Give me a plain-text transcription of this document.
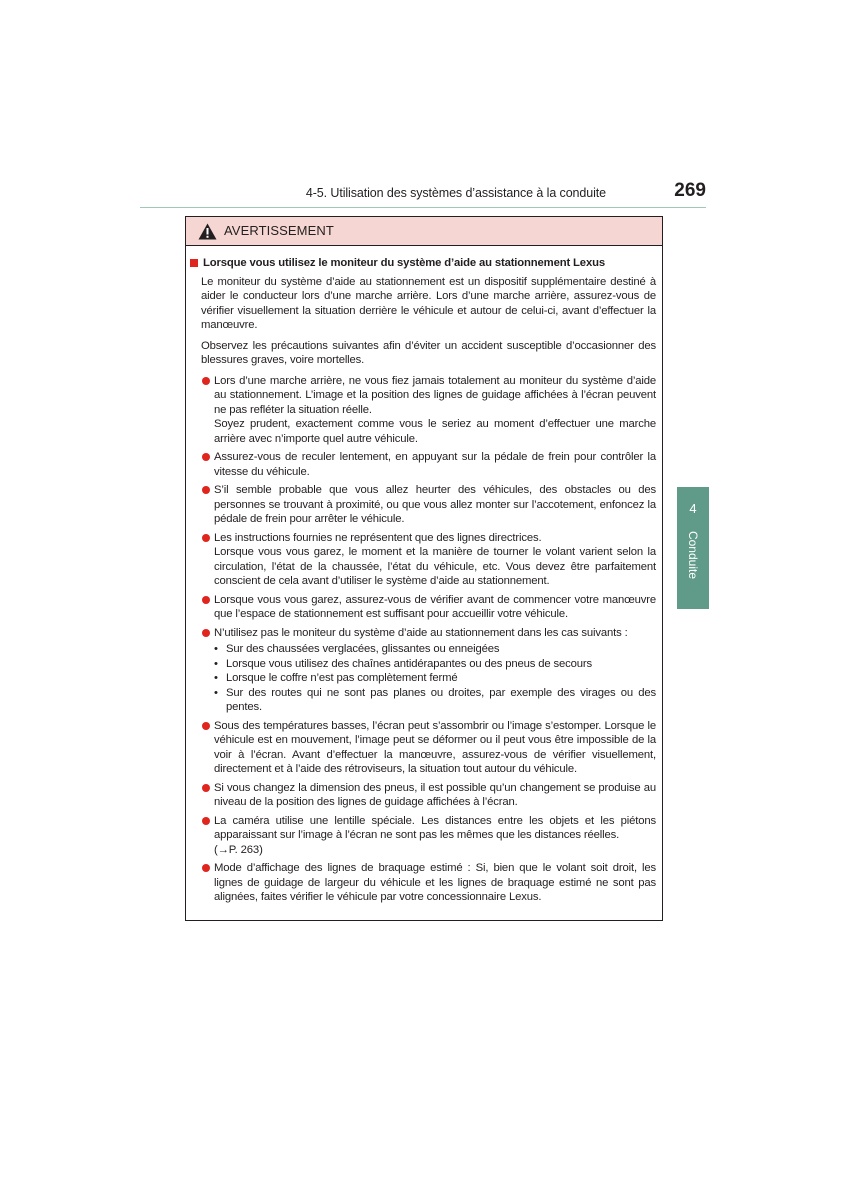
4-5. Utilisation des systèmes d’assistance à la conduite	269
4
Conduite
AVERTISSEMENT
Lorsque vous utilisez le moniteur du système d’aide au stationnement Lexus

Le moniteur du système d’aide au stationnement est un dispositif supplémentaire destiné à aider le conducteur lors d’une marche arrière. Lors d’une marche arrière, assurez-vous de vérifier visuellement la situation derrière le véhicule et autour de celui-ci, avant d’effectuer la manœuvre.

Observez les précautions suivantes afin d’éviter un accident susceptible d’occasionner des blessures graves, voire mortelles.

Lors d’une marche arrière, ne vous fiez jamais totalement au moniteur du système d’aide au stationnement. L’image et la position des lignes de guidage affichées à l’écran peuvent ne pas refléter la situation réelle.
Soyez prudent, exactement comme vous le seriez au moment d’effectuer une marche arrière avec n’importe quel autre véhicule.
Assurez-vous de reculer lentement, en appuyant sur la pédale de frein pour contrôler la vitesse du véhicule.
S’il semble probable que vous allez heurter des véhicules, des obstacles ou des personnes se trouvant à proximité, ou que vous allez monter sur l’accotement, enfoncez la pédale de frein pour arrêter le véhicule.
Les instructions fournies ne représentent que des lignes directrices.
Lorsque vous vous garez, le moment et la manière de tourner le volant varient selon la circulation, l’état de la chaussée, l’état du véhicule, etc. Vous devez être parfaitement conscient de cela avant d’utiliser le système d’aide au stationnement.
Lorsque vous vous garez, assurez-vous de vérifier avant de commencer votre manœuvre que l’espace de stationnement est suffisant pour accueillir votre véhicule.
N’utilisez pas le moniteur du système d’aide au stationnement dans les cas suivants :
• Sur des chaussées verglacées, glissantes ou enneigées
• Lorsque vous utilisez des chaînes antidérapantes ou des pneus de secours
• Lorsque le coffre n’est pas complètement fermé
• Sur des routes qui ne sont pas planes ou droites, par exemple des virages ou des pentes.
Sous des températures basses, l’écran peut s’assombrir ou l’image s’estomper. Lorsque le véhicule est en mouvement, l’image peut se déformer ou il peut vous être impossible de la voir à l’écran. Avant d’effectuer la manœuvre, assurez-vous de vérifier visuellement, directement et à l’aide des rétroviseurs, la situation tout autour du véhicule.
Si vous changez la dimension des pneus, il est possible qu’un changement se produise au niveau de la position des lignes de guidage affichées à l’écran.
La caméra utilise une lentille spéciale. Les distances entre les objets et les piétons apparaissant sur l’image à l’écran ne sont pas les mêmes que les distances réelles.
(→P. 263)
Mode d’affichage des lignes de braquage estimé : Si, bien que le volant soit droit, les lignes de guidage de largeur du véhicule et les lignes de braquage estimé ne sont pas alignées, faites vérifier le véhicule par votre concessionnaire Lexus.
